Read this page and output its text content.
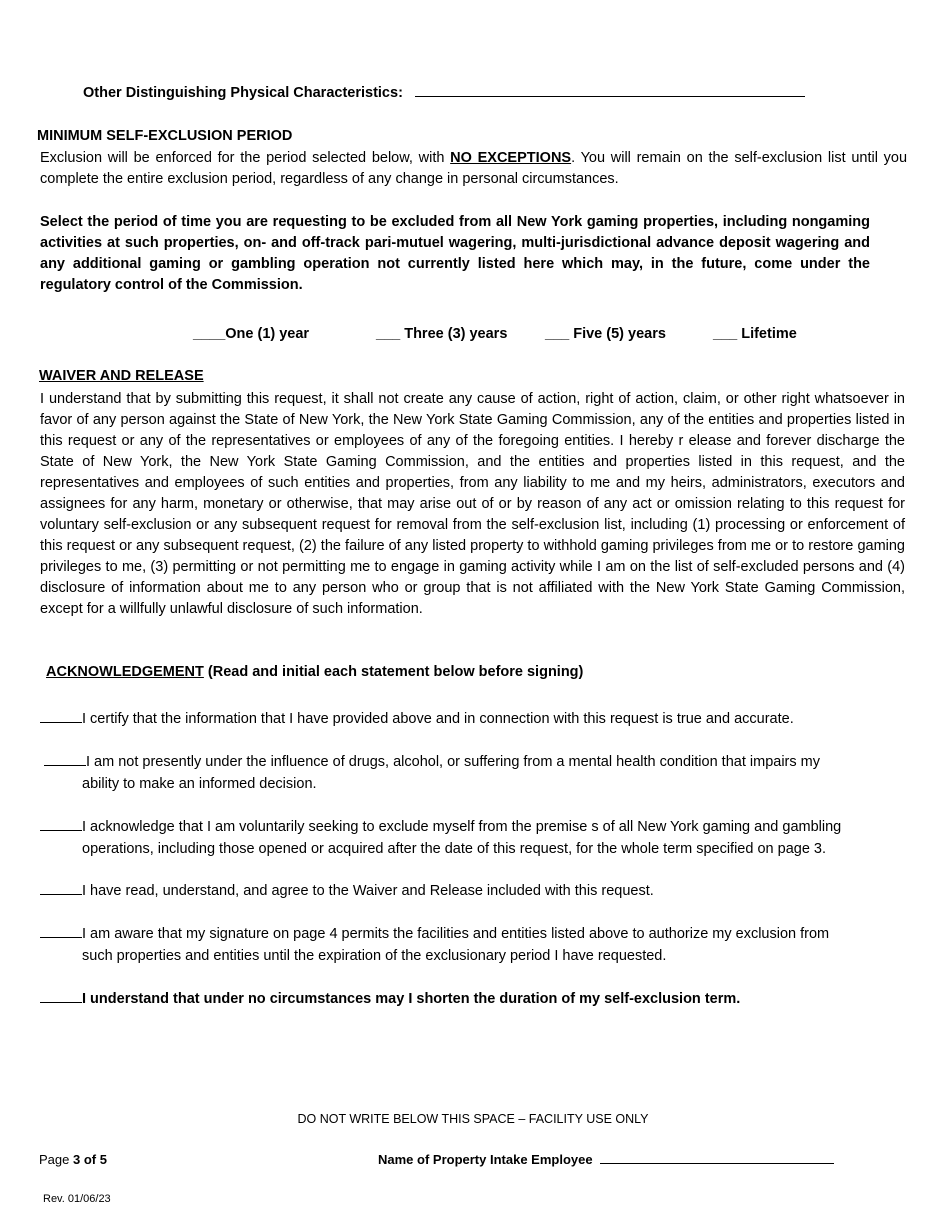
Other Distinguishing Physical Characteristics:
MINIMUM SELF-EXCLUSION PERIOD
Exclusion will be enforced for the period selected below, with NO EXCEPTIONS. You will remain on the self-exclusion list until you complete the entire exclusion period, regardless of any change in personal circumstances.
Select the period of time you are requesting to be excluded from all New York gaming properties, including nongaming activities at such properties, on- and off-track pari-mutuel wagering, multi-jurisdictional advance deposit wagering and any additional gaming or gambling operation not currently listed here which may, in the future, come under the regulatory control of the Commission.
____One (1) year	___ Three (3) years	___ Five (5) years	___ Lifetime
WAIVER AND RELEASE
I understand that by submitting this request, it shall not create any cause of action, right of action, claim, or other right whatsoever in favor of any person against the State of New York, the New York State Gaming Commission, any of the entities and properties listed in this request or any of the representatives or employees of any of the foregoing entities. I hereby r elease and forever discharge the State of New York, the New York State Gaming Commission, and the entities and properties listed in this request, and the representatives and employees of such entities and properties, from any liability to me and my heirs, administrators, executors and assignees for any harm, monetary or otherwise, that may arise out of or by reason of any act or omission relating to this request for voluntary self-exclusion or any subsequent request for removal from the self-exclusion list, including (1) processing or enforcement of this request or any subsequent request, (2) the failure of any listed property to withhold gaming privileges from me or to restore gaming privileges to me, (3) permitting or not permitting me to engage in gaming activity while I am on the list of self-excluded persons and (4) disclosure of information about me to any person who or group that is not affiliated with the New York State Gaming Commission, except for a willfully unlawful disclosure of such information.
ACKNOWLEDGEMENT (Read and initial each statement below before signing)
I certify that the information that I have provided above and in connection with this request is true and accurate.
I am not presently under the influence of drugs, alcohol, or suffering from a mental health condition that impairs my
ability to make an informed decision.
I acknowledge that I am voluntarily seeking to exclude myself from the premise s of all New York gaming and gambling
operations, including those opened or acquired after the date of this request, for the whole term specified on page 3.
I have read, understand, and agree to the Waiver and Release included with this request.
I am aware that my signature on page 4 permits the facilities and entities listed above to authorize my exclusion from
such properties and entities until the expiration of the exclusionary period I have requested.
I understand that under no circumstances may I shorten the duration of my self-exclusion term.
DO NOT WRITE BELOW THIS SPACE – FACILITY USE ONLY
Page 3 of 5	Name of Property Intake Employee
Rev. 01/06/23
